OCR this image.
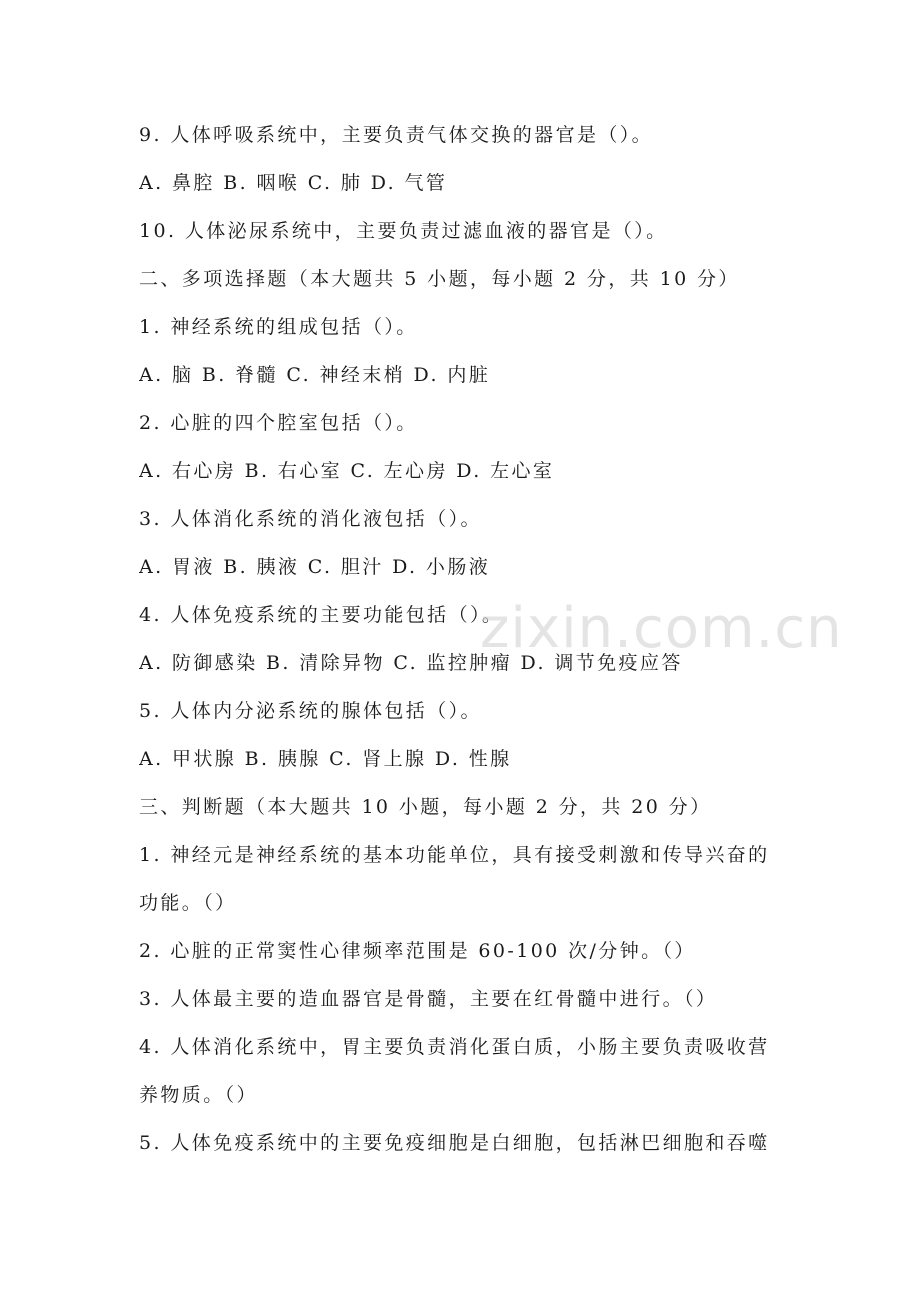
9. 人体呼吸系统中，主要负责气体交换的器官是（）。
A. 鼻腔 B. 咽喉 C. 肺 D. 气管
10. 人体泌尿系统中，主要负责过滤血液的器官是（）。
二、多项选择题（本大题共 5 小题，每小题 2 分，共 10 分）
1. 神经系统的组成包括（）。
A. 脑 B. 脊髓 C. 神经末梢 D. 内脏
2. 心脏的四个腔室包括（）。
A. 右心房 B. 右心室 C. 左心房 D. 左心室
3. 人体消化系统的消化液包括（）。
A. 胃液 B. 胰液 C. 胆汁 D. 小肠液
4. 人体免疫系统的主要功能包括（）。
A. 防御感染 B. 清除异物 C. 监控肿瘤 D. 调节免疫应答
5. 人体内分泌系统的腺体包括（）。
A. 甲状腺 B. 胰腺 C. 肾上腺 D. 性腺
三、判断题（本大题共 10 小题，每小题 2 分，共 20 分）
1. 神经元是神经系统的基本功能单位，具有接受刺激和传导兴奋的
功能。（）
2. 心脏的正常窦性心律频率范围是 60-100 次/分钟。（）
3. 人体最主要的造血器官是骨髓，主要在红骨髓中进行。（）
4. 人体消化系统中，胃主要负责消化蛋白质，小肠主要负责吸收营
养物质。（）
5. 人体免疫系统中的主要免疫细胞是白细胞，包括淋巴细胞和吞噬
zixin.com.cn
